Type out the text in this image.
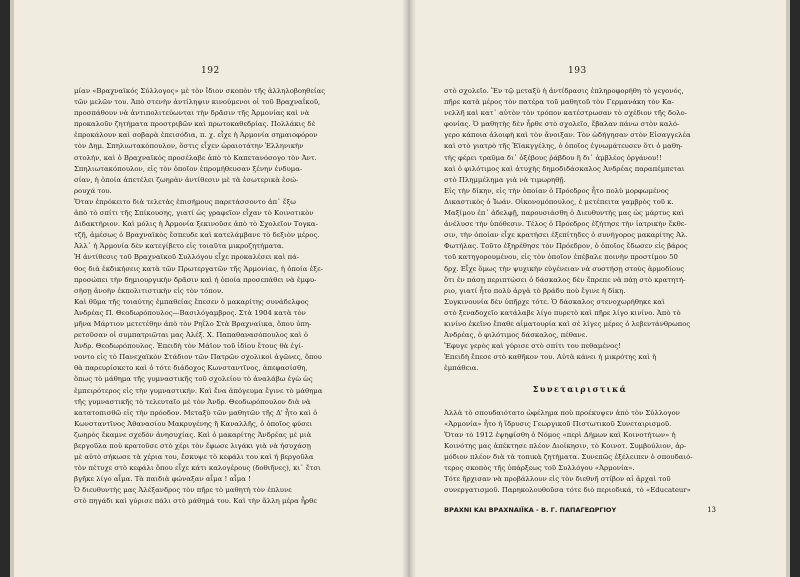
192	193
μίαν «Βραχναϊκός Σύλλογος» μὲ τὸν ἴδιον σκοπὸν τῆς ἀλληλοβοηθείας
τῶν μελῶν του. Ἀπὸ στενὴν ἀντίληψιν κινούμενοι οἱ τοῦ Βραχναΐκοῦ,
προσπάθουν νὰ ἀντιπολιτεύωνται τὴν δρᾶσιν τῆς Ἁρμονίας καὶ νὰ
προκαλοῦν ζητήματα προστριβῶν καὶ πρωτοκαθεδρίας. Πολλάκις δὲ
ἐπροκάλουν καὶ σοβαρὰ ἐπεισόδια, π. χ. εἶχε ἡ Ἁρμονία σημαιοφόρον
τὸν Δημ. Σπηλιωτακόπουλον, ὅστις εἶχεν ὡραιοτάτην Ἑλληνικὴν
στολήν, καὶ ὁ Βραχναϊκὸς προσέλαβε ἀπὸ τὸ Καπετανόσογο τὸν Ἀντ.
Σπηλιωτακόπουλον, εἰς τὸν ὁποῖον ἐπρομήθευσαν ξένην ἐνδυμα-
σίαν, ἡ ὁποία ἀπετέλει ζωηρὰν ἀντίθεσιν μὲ τὰ ἐσωτερικὰ ἐσώ-
ρουχά του.
Ὅταν ἐπρόκειτο διὰ τελετὰς ἐπισήμους παρετάσσοντο ἀπ᾿ ἔξω
ἀπὸ τὸ σπίτι τῆς Σπίκουσης, γιατί ὡς γραφεῖον εἶχαν τὸ Κοινοτικὸν
Διδακτήριον. Καὶ μόλις ἡ Ἁρμονία ξεκινοῦσε ἀπὸ τὸ Σχολεῖον Τογκα-
τζῆ, ἀμέσως ὁ Βραχναϊκὸς ἔσπευδε καὶ κατελάμβανε τὸ δεξιὸν μέρος.
Ἀλλ᾿ ἡ Ἁρμονία δὲν κατεγίβετο εἰς τοιαῦτα μικροζητήματα.
Ἡ ἀντίθεσις τοῦ Βραχναϊκοῦ Συλλόγου εἶχε προκαλέσει καὶ πά-
θος διὰ ἐκδικήσεις κατὰ τῶν Πρωτεργατῶν τῆς Ἁρμονίας, ἡ ὁποία ἐξε-
προσώπει τὴν δημιουργικὴν δρᾶσιν καὶ ἡ ὁποία προσεπάθει νὰ ἐμφυ-
σήσῃ ἀνοὴν ἐκπολιτιστικὴν εἰς τὸν τόπον.
Καὶ θῦμα τῆς τοιαύτης ἐμπαθείας ἔπεσεν ὁ μακαρίτης συνάδελφος
Ἀνδρέας Π. Θεοδωρόπουλος—Βασιλόγαμβρος. Στὰ 1904 κατὰ τὸν
μῆνα Μάρτιον μετετέθην ἀπὸ τὸν Ρηΐλο Στὰ Βραχναίικα, ὅπου ὑπη-
ρετοῦσαν οἱ συμπατριῶται μας Ἀλέξ. Χ. Παπαθανασόπουλος καὶ ὁ
Ἀνδρ. Θεοδωρόπουλος. Ἐπειδὴ τὸν Μάϊον τοῦ ἰδίου ἔτους θὰ ἐγί-
νοντο εἰς τὸ Πανεχαϊκὸν Στάδιον τῶν Πατρῶν σχολικοὶ ἀγῶνες, ὅπου
θὰ παρευρίσκετο καὶ ὁ τότε διάδοχος Κωνσταντῖνος, ἀπεφασίσθη,
ὅπως τὸ μάθημα τῆς γυμναστικῆς τοῦ σχολείου τὸ ἀναλάβω ἐγὼ ὡς
ἐμπειρότερος εἰς τὴν γυμναστικήν. Καὶ ἔνα ἀπόγευμα ἔγινε τὸ μάθημα
τῆς γυμναστικῆς τὸ τελευταῖο μὲ τὸν Ἀνδρ. Θεοδωρόπουλον διὰ νὰ
κατατοπισθῶ εἰς τὴν πρόοδον. Μεταξὺ τῶν μαθητῶν τῆς Δ' ἦτο καὶ ὁ
Κωνσταντῖνος Ἀθανασίου Μακρυγένης ἢ Καναλλῆς, ὁ ὁποῖος φύσει
ζωηρὸς ἔκαμνε σχεδὸν ἀνησυχίας. Καὶ ὁ μακαρίτης Ἀνδρέας μὲ μιὰ
βεργοῦλα ποὺ κρατοῦσε στὸ χέρι τὸν ἔφωσε λιγάκι γιὰ νὰ ἡσυχάσῃ
μὲ αὐτὸ σήκωσε τὰ χέρια του, ἔσκυψε τὸ κεφάλι του καὶ ἡ βεργοῦλα
τὸν πέτυχε στὸ κεφάλι ὅπου εἶχε κάτι καλογέρους (δοθιῆνες), κι᾿ ἔτσι
βγῆκε λίγο αἷμα. Τὰ παιδιὰ φώναξαν αἷμα ! αἷμα !
Ὁ διευθυντὴς μας Ἀλέξανδρος τὸν πῆρε τὸ μαθητὴ τὸν ἐπλυνε
στὸ πηγάδι καὶ γύρισε πάλι στὸ μάθημά του. Καὶ τὴν ἄλλη μέρα ἦρθε
στὸ σχολεῖο. Ἔν τῷ μεταξὺ ἡ ἀντίδρασις ἐπληροφορήθη τὸ γεγονός,
πῆρε κατὰ μέρος τὸν πατέρα τοῦ μαθητοῦ τὸν Γερμανάκη τὸν Κα-
νελλῆ καὶ κατ᾿ αὐτὸν τὸν τρόπον κατέστρωσαν τὸ σχέδιον τῆς δολο-
φονίας. Ὁ μαθητὴς δὲν ἦρθε στὸ σχολεῖο, ἔβαλαν πάνω στὸν καλό-
γερο κάποια ἀλοιφὴ καὶ τὸν ἄνοιξαν. Τὸν ὡδήγησαν στὸν Εἰσαγγελέα
καὶ στὸ γιατρὸ τῆς Ἐϊακγγέλης, ὁ ὁποῖος ἐγνωμάτευσεν ὅτι ὁ μαθη-
τὴς φέρει τραῦμα δι᾿ ὀξέβους ῥάβδου ἢ δι᾿ ἀμβλέος ὀργάνου!!
καὶ ὁ φιλότιμος καὶ ἀτυχὴς δημοδιδάσκαλος Ἀνδρέας παραπέμπεται
στὸ Πλημμέλημα γιὰ νὰ τιμωρηθῇ.
Εἰς τὴν δίκην, εἰς τὴν ὁποίαν ὁ Πρόεδρος ἦτο πολὺ μορφωμένος
Δικαστικὸς ὁ Ἰωάν. Οἰκονομόπουλος, ἐ μετέπειτα γαμβρὸς τοῦ κ.
Μαξίμου ἐπ᾿ ἀδελφῇ, παρουσιάσθη ὁ Διευθυντής μας ὡς μάρτυς καὶ
ἀνέλυσε τὴν ὑπόθεσιν. Τέλος ὁ Πρόεδρος ἐζήτησε τὴν ἰατρικὴν ἔκθε-
σιν, τὴν ὁποίαν εἶχε κρατήσει ἐξεπίτηδες ὁ συνήγορος μακαρίτης Ἀλ.
Φωτήλας. Τοῦτο ἐξηρέθησε τὸν Πρόεδρον, ὁ ὁποῖος ἔδωσεν εἰς βάρος
τοῦ κατηγορουμένου, εἰς τὸν ὁποῖον ἐπέβαλε ποινὴν προστίμου 50
δρχ. Εἶχε ὅμως τὴν ψυχικὴν εὐγένειαν νὰ συστήσῃ στοὺς ἁρμοδίους
ὅτι ἐν πάσῃ περιπτώσει ὁ δάσκαλος δὲν ἔπρεπε νὰ πάῃ στὸ κρατητή-
ριο, γιατί ἦτο πολὺ ἀργὰ τὸ βράδυ ποὺ ἔγινε ἡ δίκη.
Συγκινουνία δὲν ὑπῆρχε τότε. Ὁ δάσκαλος στενοχωρήθηκε καὶ
στὸ ξεναδοχεῖο κατάλαβε λίγο πυρετὸ καὶ πῆρε λίγο κινίνο. Ἀπὸ τὸ
κινίνο ἐκεῖνο ἔπαθε αἱματουρία καὶ σὲ λίγες μέρες ὁ λεβεντάνθρωπος
Ἀνδρέας, ὁ φιλότιμος δάσκαλος, πέθανε.
Ἔφυγε γερὸς καὶ γύρισε στὸ σπίτι του πεθαμένος!
Ἐπειδὴ ἔπεσε στὸ καθῆκον του. Αὐτὰ κάνει ἡ μικρότης καὶ ἡ
ἐμπάθεια.
Συνεταιριστικά
Ἀλλὰ τὸ σπουδαιότατο ὠφέλημα ποὺ προέκυψεν ἀπὸ τὸν Σύλλογον
«Ἁρμονία» ἦτο ἡ ἵδρυσις Γεωργικοῦ Πιστωτικοῦ Συνεταιρισμοῦ.
Ὅταν τὸ 1912 ἐψηφίσθη ὁ Νόμος «περὶ Δήμων καὶ Κοινοτήτων» ἡ
Κοινότης μας ἀπέκτησε πλέον Διοίκησιν, τὸ Κοινοτ. Συμβούλιον, ἀρ-
μόδιον πλέον διὰ τὰ τοπικὰ ζητήματα. Συνεπῶς ἐξέλειπεν ὁ σπουδαιό-
τερος σκοπὸς τῆς ὑπάρξεως τοῦ Συλλόγου «Ἁρμονία».
Τότε ἤρχισαν νὰ προβάλλουν εἰς τὸν διεθνῆ στίβον αἱ ἀρχαὶ τοῦ
συνεργατισμοῦ. Παρηκολουθοῦσα τότε διὸ περιοδικά, τὸ «Educateur»
ΒΡΑΧΝΙ ΚΑΙ ΒΡΑΧΝΑΙΪΚΑ - Β. Γ. ΠΑΠΑΓΕΩΡΓΙΟΥ	13
